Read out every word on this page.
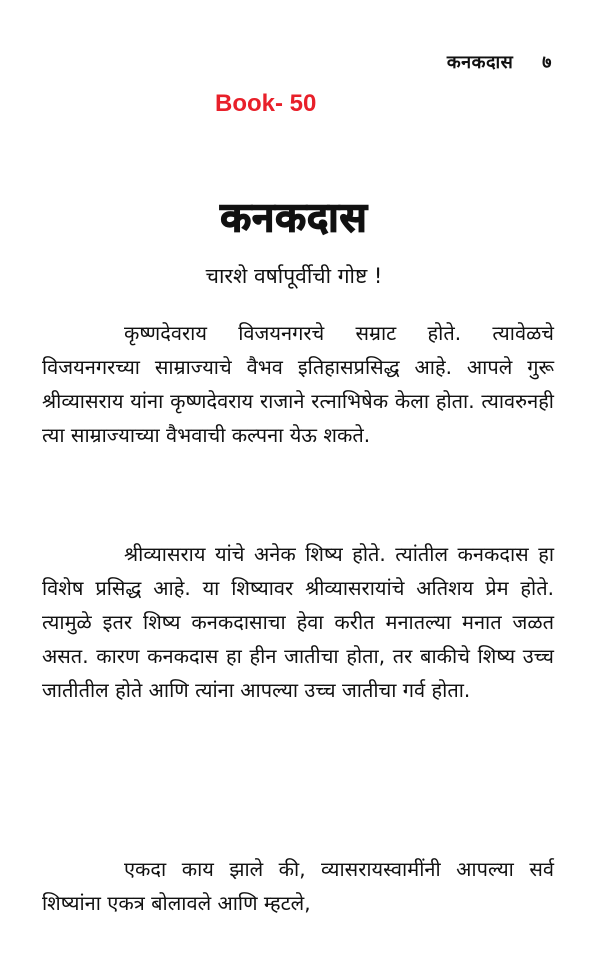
कनकदास ७
Book- 50
कनकदास
चारशे वर्षापूर्वीची गोष्ट !

कृष्णदेवराय विजयनगरचे सम्राट होते. त्यावेळचे विजयनगरच्या साम्राज्याचे वैभव इतिहासप्रसिद्ध आहे. आपले गुरू श्रीव्यासराय यांना कृष्णदेवराय राजाने रत्नाभिषेक केला होता. त्यावरुनही त्या साम्राज्याच्या वैभवाची कल्पना येऊ शकते.

श्रीव्यासराय यांचे अनेक शिष्य होते. त्यांतील कनकदास हा विशेष प्रसिद्ध आहे. या शिष्यावर श्रीव्यासरायांचे अतिशय प्रेम होते. त्यामुळे इतर शिष्य कनकदासाचा हेवा करीत मनातल्या मनात जळत असत. कारण कनकदास हा हीन जातीचा होता, तर बाकीचे शिष्य उच्च जातीतील होते आणि त्यांना आपल्या उच्च जातीचा गर्व होता.

एकदा काय झाले की, व्यासरायस्वामींनी आपल्या सर्व शिष्यांना एकत्र बोलावले आणि म्हटले,
